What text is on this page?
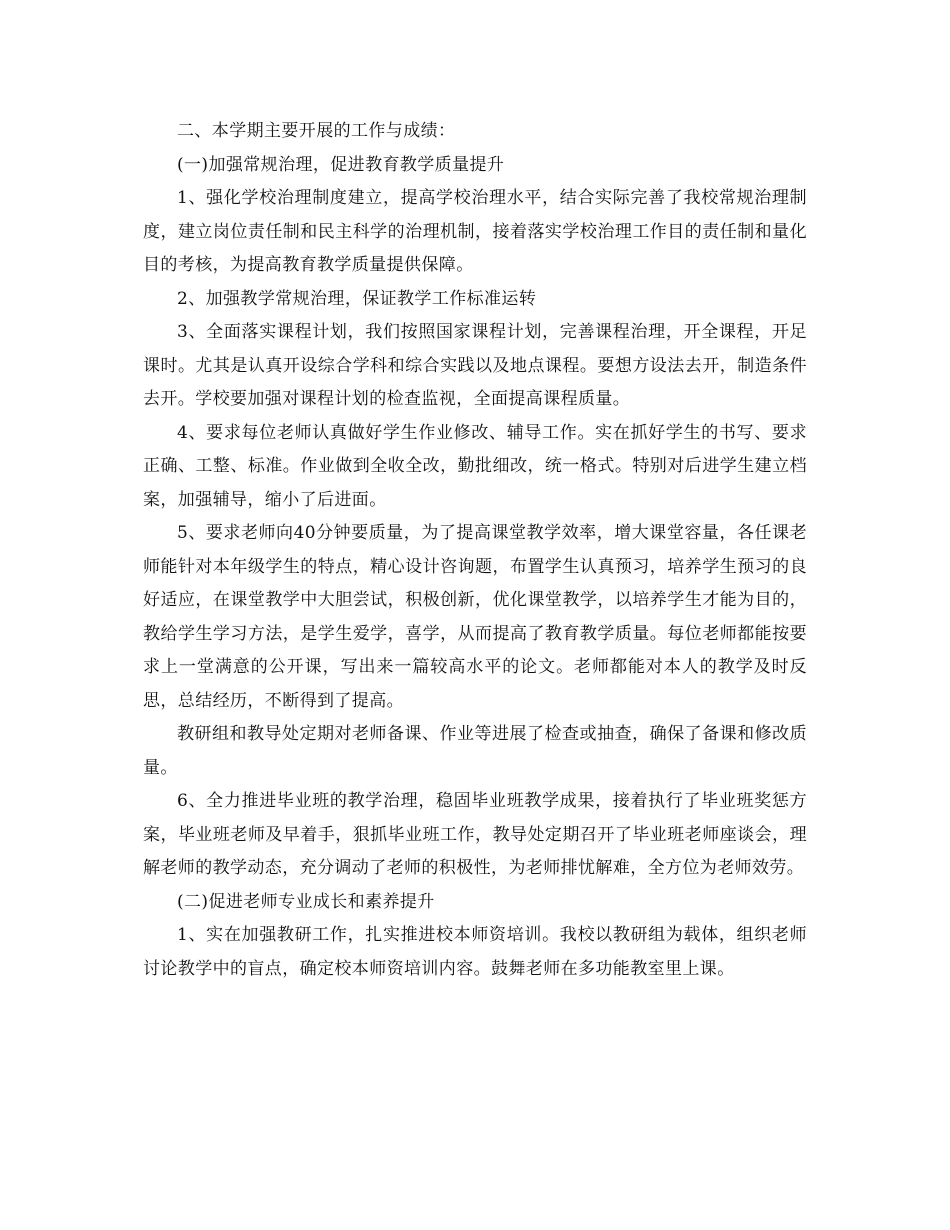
二、本学期主要开展的工作与成绩：

(一)加强常规治理，促进教育教学质量提升

1、强化学校治理制度建立，提高学校治理水平，结合实际完善了我校常规治理制度，建立岗位责任制和民主科学的治理机制，接着落实学校治理工作目的责任制和量化目的考核，为提高教育教学质量提供保障。

2、加强教学常规治理，保证教学工作标准运转

3、全面落实课程计划，我们按照国家课程计划，完善课程治理，开全课程，开足课时。尤其是认真开设综合学科和综合实践以及地点课程。要想方设法去开，制造条件去开。学校要加强对课程计划的检查监视，全面提高课程质量。

4、要求每位老师认真做好学生作业修改、辅导工作。实在抓好学生的书写、要求正确、工整、标准。作业做到全收全改，勤批细改，统一格式。特别对后进学生建立档案，加强辅导，缩小了后进面。

5、要求老师向40分钟要质量，为了提高课堂教学效率，增大课堂容量，各任课老师能针对本年级学生的特点，精心设计咨询题，布置学生认真预习，培养学生预习的良好适应，在课堂教学中大胆尝试，积极创新，优化课堂教学，以培养学生才能为目的，教给学生学习方法，是学生爱学，喜学，从而提高了教育教学质量。每位老师都能按要求上一堂满意的公开课，写出来一篇较高水平的论文。老师都能对本人的教学及时反思，总结经历，不断得到了提高。

教研组和教导处定期对老师备课、作业等进展了检查或抽查，确保了备课和修改质量。

6、全力推进毕业班的教学治理，稳固毕业班教学成果，接着执行了毕业班奖惩方案，毕业班老师及早着手，狠抓毕业班工作，教导处定期召开了毕业班老师座谈会，理解老师的教学动态，充分调动了老师的积极性，为老师排忧解难，全方位为老师效劳。

(二)促进老师专业成长和素养提升

1、实在加强教研工作，扎实推进校本师资培训。我校以教研组为载体，组织老师讨论教学中的盲点，确定校本师资培训内容。鼓舞老师在多功能教室里上课。
